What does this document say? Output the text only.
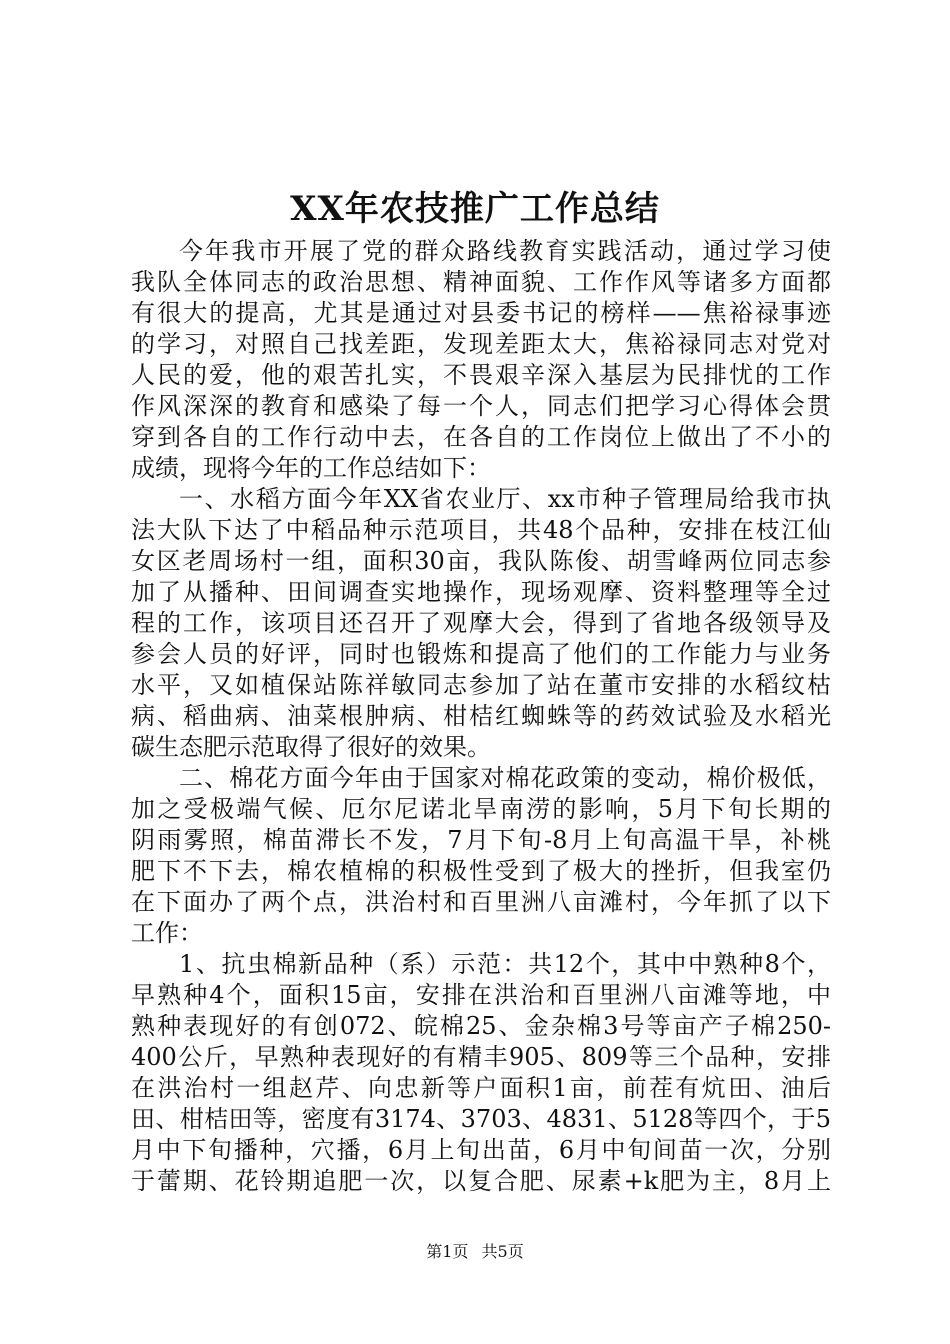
XX年农技推广工作总结
今年我市开展了党的群众路线教育实践活动，通过学习使
我队全体同志的政治思想、精神面貌、工作作风等诸多方面都
有很大的提高，尤其是通过对县委书记的榜样——焦裕禄事迹
的学习，对照自己找差距，发现差距太大，焦裕禄同志对党对
人民的爱，他的艰苦扎实，不畏艰辛深入基层为民排忧的工作
作风深深的教育和感染了每一个人，同志们把学习心得体会贯
穿到各自的工作行动中去，在各自的工作岗位上做出了不小的
成绩，现将今年的工作总结如下：
一、水稻方面今年XX省农业厅、xx市种子管理局给我市执
法大队下达了中稻品种示范项目，共48个品种，安排在枝江仙
女区老周场村一组，面积30亩，我队陈俊、胡雪峰两位同志参
加了从播种、田间调查实地操作，现场观摩、资料整理等全过
程的工作，该项目还召开了观摩大会，得到了省地各级领导及
参会人员的好评，同时也锻炼和提高了他们的工作能力与业务
水平，又如植保站陈祥敏同志参加了站在董市安排的水稻纹枯
病、稻曲病、油菜根肿病、柑桔红蜘蛛等的药效试验及水稻光
碳生态肥示范取得了很好的效果。
二、棉花方面今年由于国家对棉花政策的变动，棉价极低，
加之受极端气候、厄尔尼诺北旱南涝的影响，5月下旬长期的
阴雨雾照，棉苗滞长不发，7月下旬-8月上旬高温干旱，补桃
肥下不下去，棉农植棉的积极性受到了极大的挫折，但我室仍
在下面办了两个点，洪治村和百里洲八亩滩村，今年抓了以下
工作：
1、抗虫棉新品种（系）示范：共12个，其中中熟种8个，
早熟种4个，面积15亩，安排在洪治和百里洲八亩滩等地，中
熟种表现好的有创072、皖棉25、金杂棉3号等亩产子棉250-
400公斤，早熟种表现好的有精丰905、809等三个品种，安排
在洪治村一组赵芹、向忠新等户面积1亩，前茬有炕田、油后
田、柑桔田等，密度有3174、3703、4831、5128等四个，于5
月中下旬播种，穴播，6月上旬出苗，6月中旬间苗一次，分别
于蕾期、花铃期追肥一次，以复合肥、尿素+k肥为主，8月上
第1页 共5页
